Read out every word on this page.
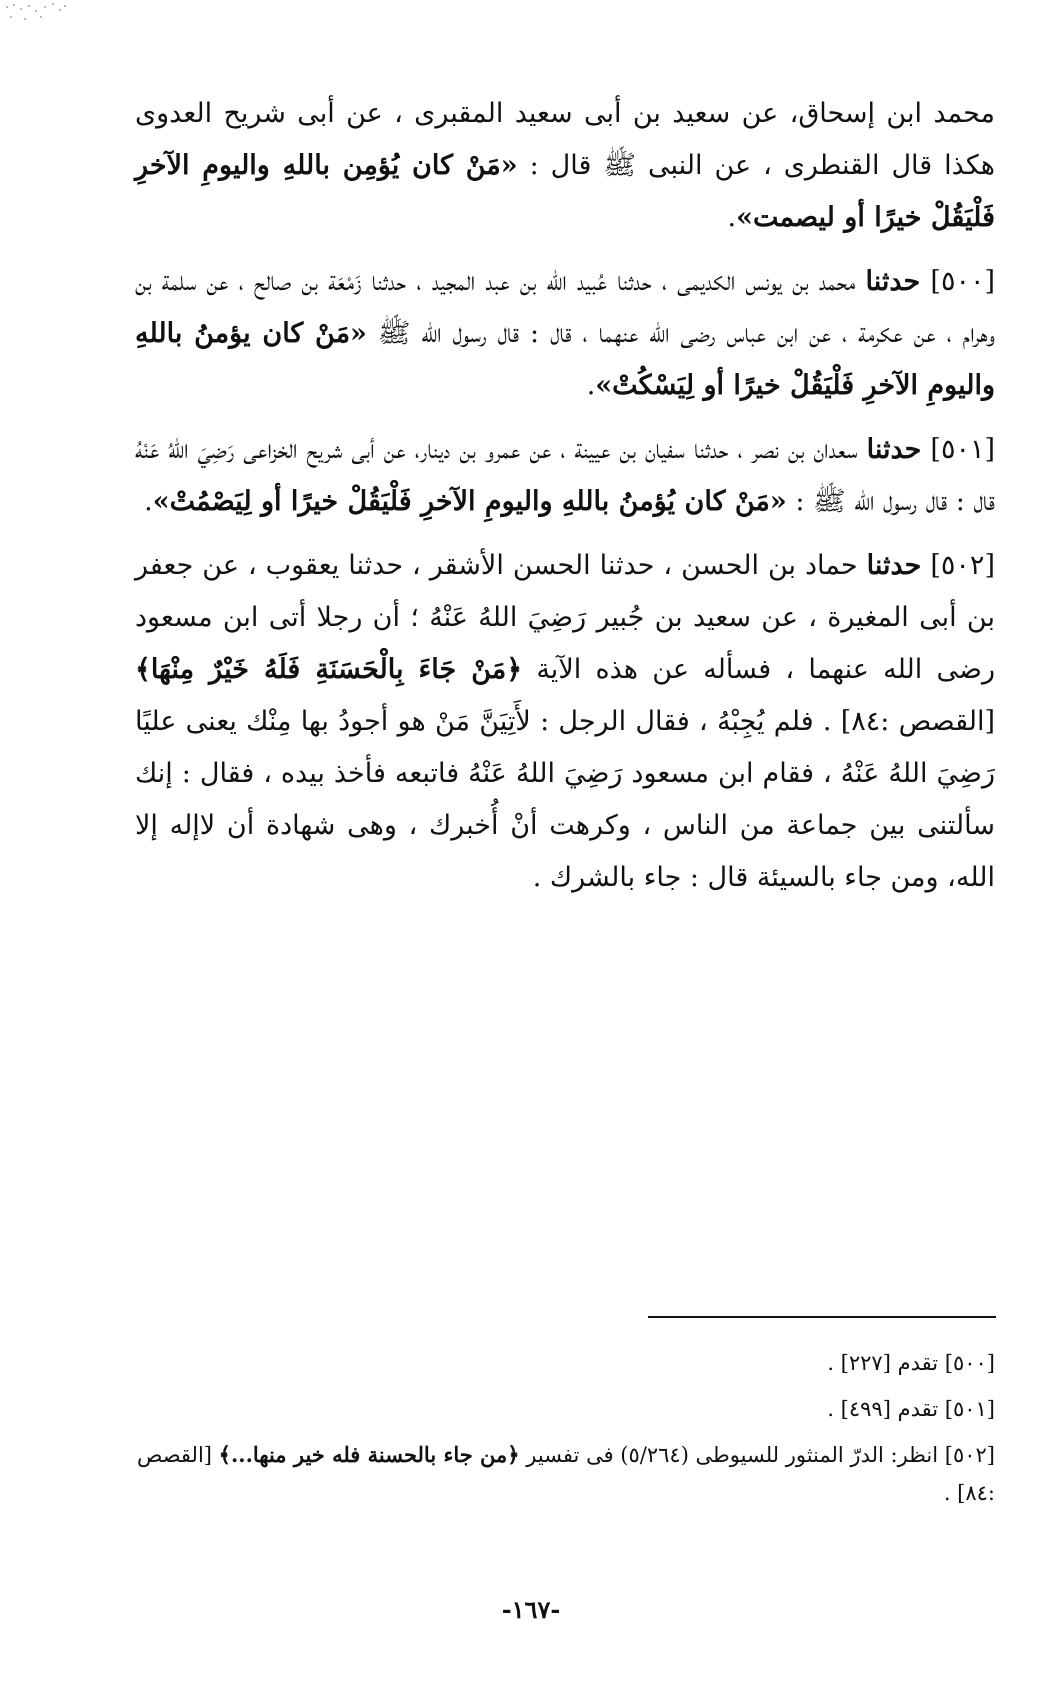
محمد ابن إسحاق، عن سعيد بن أبى سعيد المقبرى ، عن أبى شريح العدوى هكذا قال القنطرى ، عن النبى ﷺ قال : «مَنْ كان يُؤمِن باللهِ واليومِ الآخرِ فَلْيَقُلْ خيرًا أو ليصمت».

[٥٠٠] حدثنا محمد بن يونس الكديمى ، حدثنا عُبيد الله بن عبد المجيد ، حدثنا زَمْعَة بن صالح ، عن سلمة بن وهرام ، عن عكرمة ، عن ابن عباس رضى الله عنهما ، قال : قال رسول الله ﷺ «مَنْ كان يؤمنُ باللهِ واليومِ الآخرِ فَلْيَقُلْ خيرًا أو لِيَسْكُتْ».

[٥٠١] حدثنا سعدان بن نصر ، حدثنا سفيان بن عيينة ، عن عمرو بن دينار، عن أبى شريح الخزاعى رَضِيَ اللهُ عَنْهُ قال : قال رسول الله ﷺ : «مَنْ كان يُؤمنُ باللهِ واليومِ الآخرِ فَلْيَقُلْ خيرًا أو لِيَصْمُتْ».

[٥٠٢] حدثنا حماد بن الحسن ، حدثنا الحسن الأشقر ، حدثنا يعقوب ، عن جعفر بن أبى المغيرة ، عن سعيد بن جُبير رَضِيَ اللهُ عَنْهُ ؛ أن رجلا أتى ابن مسعود رضى الله عنهما ، فسأله عن هذه الآية ﴿مَنْ جَاءَ بِالْحَسَنَةِ فَلَهُ خَيْرٌ مِنْهَا﴾ [القصص :٨٤] . فلم يُجِبْهُ ، فقال الرجل : لأَتِيَنَّ مَنْ هو أجودُ بها مِنْك يعنى عليًا رَضِيَ اللهُ عَنْهُ ، فقام ابن مسعود رَضِيَ اللهُ عَنْهُ فاتبعه فأخذ بيده ، فقال : إنك سألتنى بين جماعة من الناس ، وكرهت أنْ أُخبرك ، وهى شهادة أن لاإله إلا الله، ومن جاء بالسيئة قال : جاء بالشرك .

[٥٠٠] تقدم [٢٢٧] .

[٥٠١] تقدم [٤٩٩] .

[٥٠٢] انظر: الدرّ المنثور للسيوطى (٥/٢٦٤) فى تفسير ﴿من جاء بالحسنة فله خير منها...﴾ [القصص :٨٤] .

-١٦٧-
